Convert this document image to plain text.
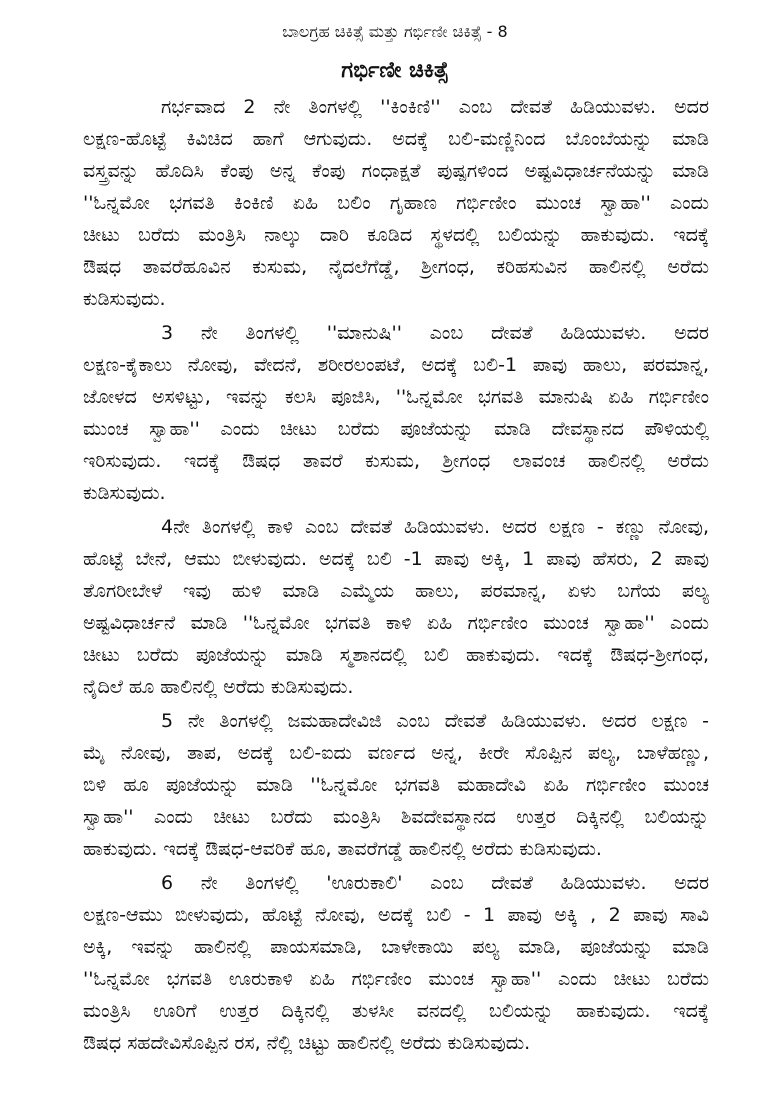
ಬಾಲಗ್ರಹ ಚಿಕಿತ್ಸೆ ಮತ್ತು ಗರ್ಭಿಣೀ ಚಿಕಿತ್ಸೆ - 8
ಗರ್ಭಿಣೀ ಚಿಕಿತ್ಸೆ
ಗರ್ಭವಾದ 2 ನೇ ತಿಂಗಳಲ್ಲಿ ''ಕಿಂಕಿಣಿ'' ಎಂಬ ದೇವತೆ ಹಿಡಿಯುವಳು. ಅದರ
ಲಕ್ಷಣ-ಹೊಟ್ಟೆ ಕಿವಿಚಿದ ಹಾಗೆ ಆಗುವುದು. ಅದಕ್ಕೆ ಬಲಿ-ಮಣ್ಣಿನಿಂದ ಬೊಂಬೆಯನ್ನು ಮಾಡಿ
ವಸ್ತ್ರವನ್ನು ಹೊದಿಸಿ ಕೆಂಪು ಅನ್ನ ಕೆಂಪು ಗಂಧಾಕ್ಷತೆ ಪುಷ್ಪಗಳಿಂದ ಅಷ್ಟವಿಧಾರ್ಚನೆಯನ್ನು ಮಾಡಿ
''ಓನ್ನಮೋ ಭಗವತಿ ಕಿಂಕಿಣಿ ಏಹಿ ಬಲಿಂ ಗೃಹಾಣ ಗರ್ಭಿಣೀಂ ಮುಂಚ ಸ್ವಾಹಾ'' ಎಂದು
ಚೀಟು ಬರೆದು ಮಂತ್ರಿಸಿ ನಾಲ್ಕು ದಾರಿ ಕೂಡಿದ ಸ್ಥಳದಲ್ಲಿ ಬಲಿಯನ್ನು ಹಾಕುವುದು. ಇದಕ್ಕೆ
ಔಷಧ ತಾವರೆಹೂವಿನ ಕುಸುಮ, ನೈದಲೆಗೆಡ್ಡೆ, ಶ್ರೀಗಂಧ, ಕರಿಹಸುವಿನ ಹಾಲಿನಲ್ಲಿ ಅರೆದು
ಕುಡಿಸುವುದು.
3 ನೇ ತಿಂಗಳಲ್ಲಿ ''ಮಾನುಷಿ'' ಎಂಬ ದೇವತೆ ಹಿಡಿಯುವಳು. ಅದರ
ಲಕ್ಷಣ-ಕೈಕಾಲು ನೋವು, ವೇದನೆ, ಶರೀರಲಂಪಟೆ, ಅದಕ್ಕೆ ಬಲಿ-1 ಪಾವು ಹಾಲು, ಪರಮಾನ್ನ,
ಜೋಳದ ಅಸಳಿಟ್ಟು, ಇವನ್ನು ಕಲಸಿ ಪೂಜಿಸಿ, ''ಓನ್ನಮೋ ಭಗವತಿ ಮಾನುಷಿ ಏಹಿ ಗರ್ಭಿಣೀಂ
ಮುಂಚ ಸ್ವಾಹಾ'' ಎಂದು ಚೀಟು ಬರೆದು ಪೂಜೆಯನ್ನು ಮಾಡಿ ದೇವಸ್ಥಾನದ ಪೌಳಿಯಲ್ಲಿ
ಇರಿಸುವುದು. ಇದಕ್ಕೆ ಔಷಧ ತಾವರೆ ಕುಸುಮ, ಶ್ರೀಗಂಧ ಲಾವಂಚ ಹಾಲಿನಲ್ಲಿ ಅರೆದು
ಕುಡಿಸುವುದು.
4ನೇ ತಿಂಗಳಲ್ಲಿ ಕಾಳಿ ಎಂಬ ದೇವತೆ ಹಿಡಿಯುವಳು. ಅದರ ಲಕ್ಷಣ - ಕಣ್ಣು ನೋವು,
ಹೊಟ್ಟೆ ಬೇನೆ, ಆಮು ಬೀಳುವುದು. ಅದಕ್ಕೆ ಬಲಿ -1 ಪಾವು ಅಕ್ಕಿ, 1 ಪಾವು ಹೆಸರು, 2 ಪಾವು
ತೊಗರೀಬೇಳೆ ಇವು ಹುಳಿ ಮಾಡಿ ಎಮ್ಮೆಯ ಹಾಲು, ಪರಮಾನ್ನ, ಏಳು ಬಗೆಯ ಪಲ್ಯ
ಅಷ್ಟವಿಧಾರ್ಚನೆ ಮಾಡಿ ''ಓನ್ನಮೋ ಭಗವತಿ ಕಾಳಿ ಏಹಿ ಗರ್ಭಿಣೀಂ ಮುಂಚ ಸ್ವಾಹಾ'' ಎಂದು
ಚೀಟು ಬರೆದು ಪೂಜೆಯನ್ನು ಮಾಡಿ ಸ್ಮಶಾನದಲ್ಲಿ ಬಲಿ ಹಾಕುವುದು. ಇದಕ್ಕೆ ಔಷಧ-ಶ್ರೀಗಂಧ,
ನೈದಿಲೆ ಹೂ ಹಾಲಿನಲ್ಲಿ ಅರೆದು ಕುಡಿಸುವುದು.
5 ನೇ ತಿಂಗಳಲ್ಲಿ ಜಮಹಾದೇವಿಜಿ ಎಂಬ ದೇವತೆ ಹಿಡಿಯುವಳು. ಅದರ ಲಕ್ಷಣ -
ಮೈ ನೋವು, ತಾಪ, ಅದಕ್ಕೆ ಬಲಿ-ಐದು ವರ್ಣದ ಅನ್ನ, ಕೀರೇ ಸೊಪ್ಪಿನ ಪಲ್ಯ, ಬಾಳೆಹಣ್ಣು,
ಬಿಳಿ ಹೂ ಪೂಜೆಯನ್ನು ಮಾಡಿ ''ಓನ್ನಮೋ ಭಗವತಿ ಮಹಾದೇವಿ ಏಹಿ ಗರ್ಭಿಣೀಂ ಮುಂಚ
ಸ್ವಾಹಾ'' ಎಂದು ಚೀಟು ಬರೆದು ಮಂತ್ರಿಸಿ ಶಿವದೇವಸ್ಥಾನದ ಉತ್ತರ ದಿಕ್ಕಿನಲ್ಲಿ ಬಲಿಯನ್ನು
ಹಾಕುವುದು. ಇದಕ್ಕೆ ಔಷಧ-ಆವರಿಕೆ ಹೂ, ತಾವರೆಗಡ್ಡೆ ಹಾಲಿನಲ್ಲಿ ಅರೆದು ಕುಡಿಸುವುದು.
6 ನೇ ತಿಂಗಳಲ್ಲಿ 'ಊರುಕಾಲಿ' ಎಂಬ ದೇವತೆ ಹಿಡಿಯುವಳು. ಅದರ
ಲಕ್ಷಣ-ಆಮು ಬೀಳುವುದು, ಹೊಟ್ಟೆ ನೋವು, ಅದಕ್ಕೆ ಬಲಿ - 1 ಪಾವು ಅಕ್ಕಿ , 2 ಪಾವು ಸಾವಿ
ಅಕ್ಕಿ, ಇವನ್ನು ಹಾಲಿನಲ್ಲಿ ಪಾಯಸಮಾಡಿ, ಬಾಳೇಕಾಯಿ ಪಲ್ಯ ಮಾಡಿ, ಪೂಜೆಯನ್ನು ಮಾಡಿ
''ಓನ್ನಮೋ ಭಗವತಿ ಊರುಕಾಳಿ ಏಹಿ ಗರ್ಭಿಣೀಂ ಮುಂಚ ಸ್ವಾಹಾ'' ಎಂದು ಚೀಟು ಬರೆದು
ಮಂತ್ರಿಸಿ ಊರಿಗೆ ಉತ್ತರ ದಿಕ್ಕಿನಲ್ಲಿ ತುಳಸೀ ವನದಲ್ಲಿ ಬಲಿಯನ್ನು ಹಾಕುವುದು. ಇದಕ್ಕೆ
ಔಷಧ ಸಹದೇವಿಸೊಪ್ಪಿನ ರಸ, ನೆಲ್ಲಿ ಚಿಟ್ಟು ಹಾಲಿನಲ್ಲಿ ಅರೆದು ಕುಡಿಸುವುದು.
